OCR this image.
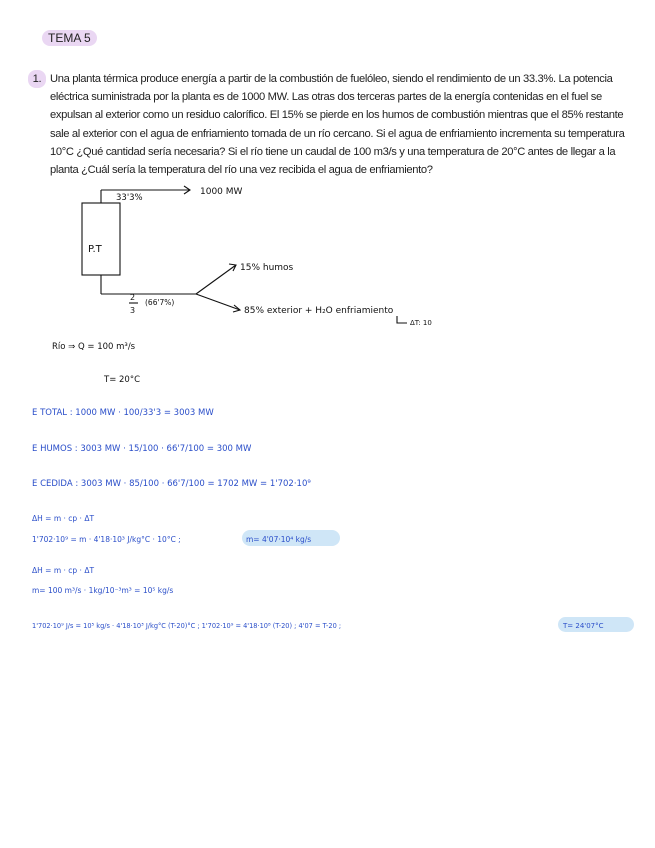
TEMA 5
1. Una planta térmica produce energía a partir de la combustión de fuelóleo, siendo el rendimiento de un 33.3%. La potencia eléctrica suministrada por la planta es de 1000 MW. Las otras dos terceras partes de la energía contenidas en el fuel se expulsan al exterior como un residuo calorífico. El 15% se pierde en los humos de combustión mientras que el 85% restante sale al exterior con el agua de enfriamiento tomada de un río cercano. Si el agua de enfriamiento incrementa su temperatura 10°C ¿Qué cantidad sería necesaria? Si el río tiene un caudal de 100 m3/s y una temperatura de 20°C antes de llegar a la planta ¿Cuál sería la temperatura del río una vez recibida el agua de enfriamiento?
P.T
33'3%
1000 MW
2
3
(66'7%)
15% humos
85% exterior + H₂O enfriamiento
ΔT: 10
Río ⇒ Q = 100 m³/s
T= 20°C
E TOTAL : 1000 MW · 100/33'3 = 3003 MW
E HUMOS : 3003 MW · 15/100 · 66'7/100 = 300 MW
E CEDIDA : 3003 MW · 85/100 · 66'7/100 = 1702 MW = 1'702·10⁹
ΔH = m · cp · ΔT
1'702·10⁹ = m · 4'18·10³ J/kg°C · 10°C ;	m= 4'07·10⁴ kg/s
ΔH = m · cp · ΔT
m= 100 m³/s · 1kg/10⁻³m³ = 10⁵ kg/s
1'702·10⁹ J/s = 10⁵ kg/s · 4'18·10³ J/kg°C (T-20)°C ; 1'702·10⁹ = 4'18·10⁸ (T-20) ; 4'07 = T-20 ;	T= 24'07°C
